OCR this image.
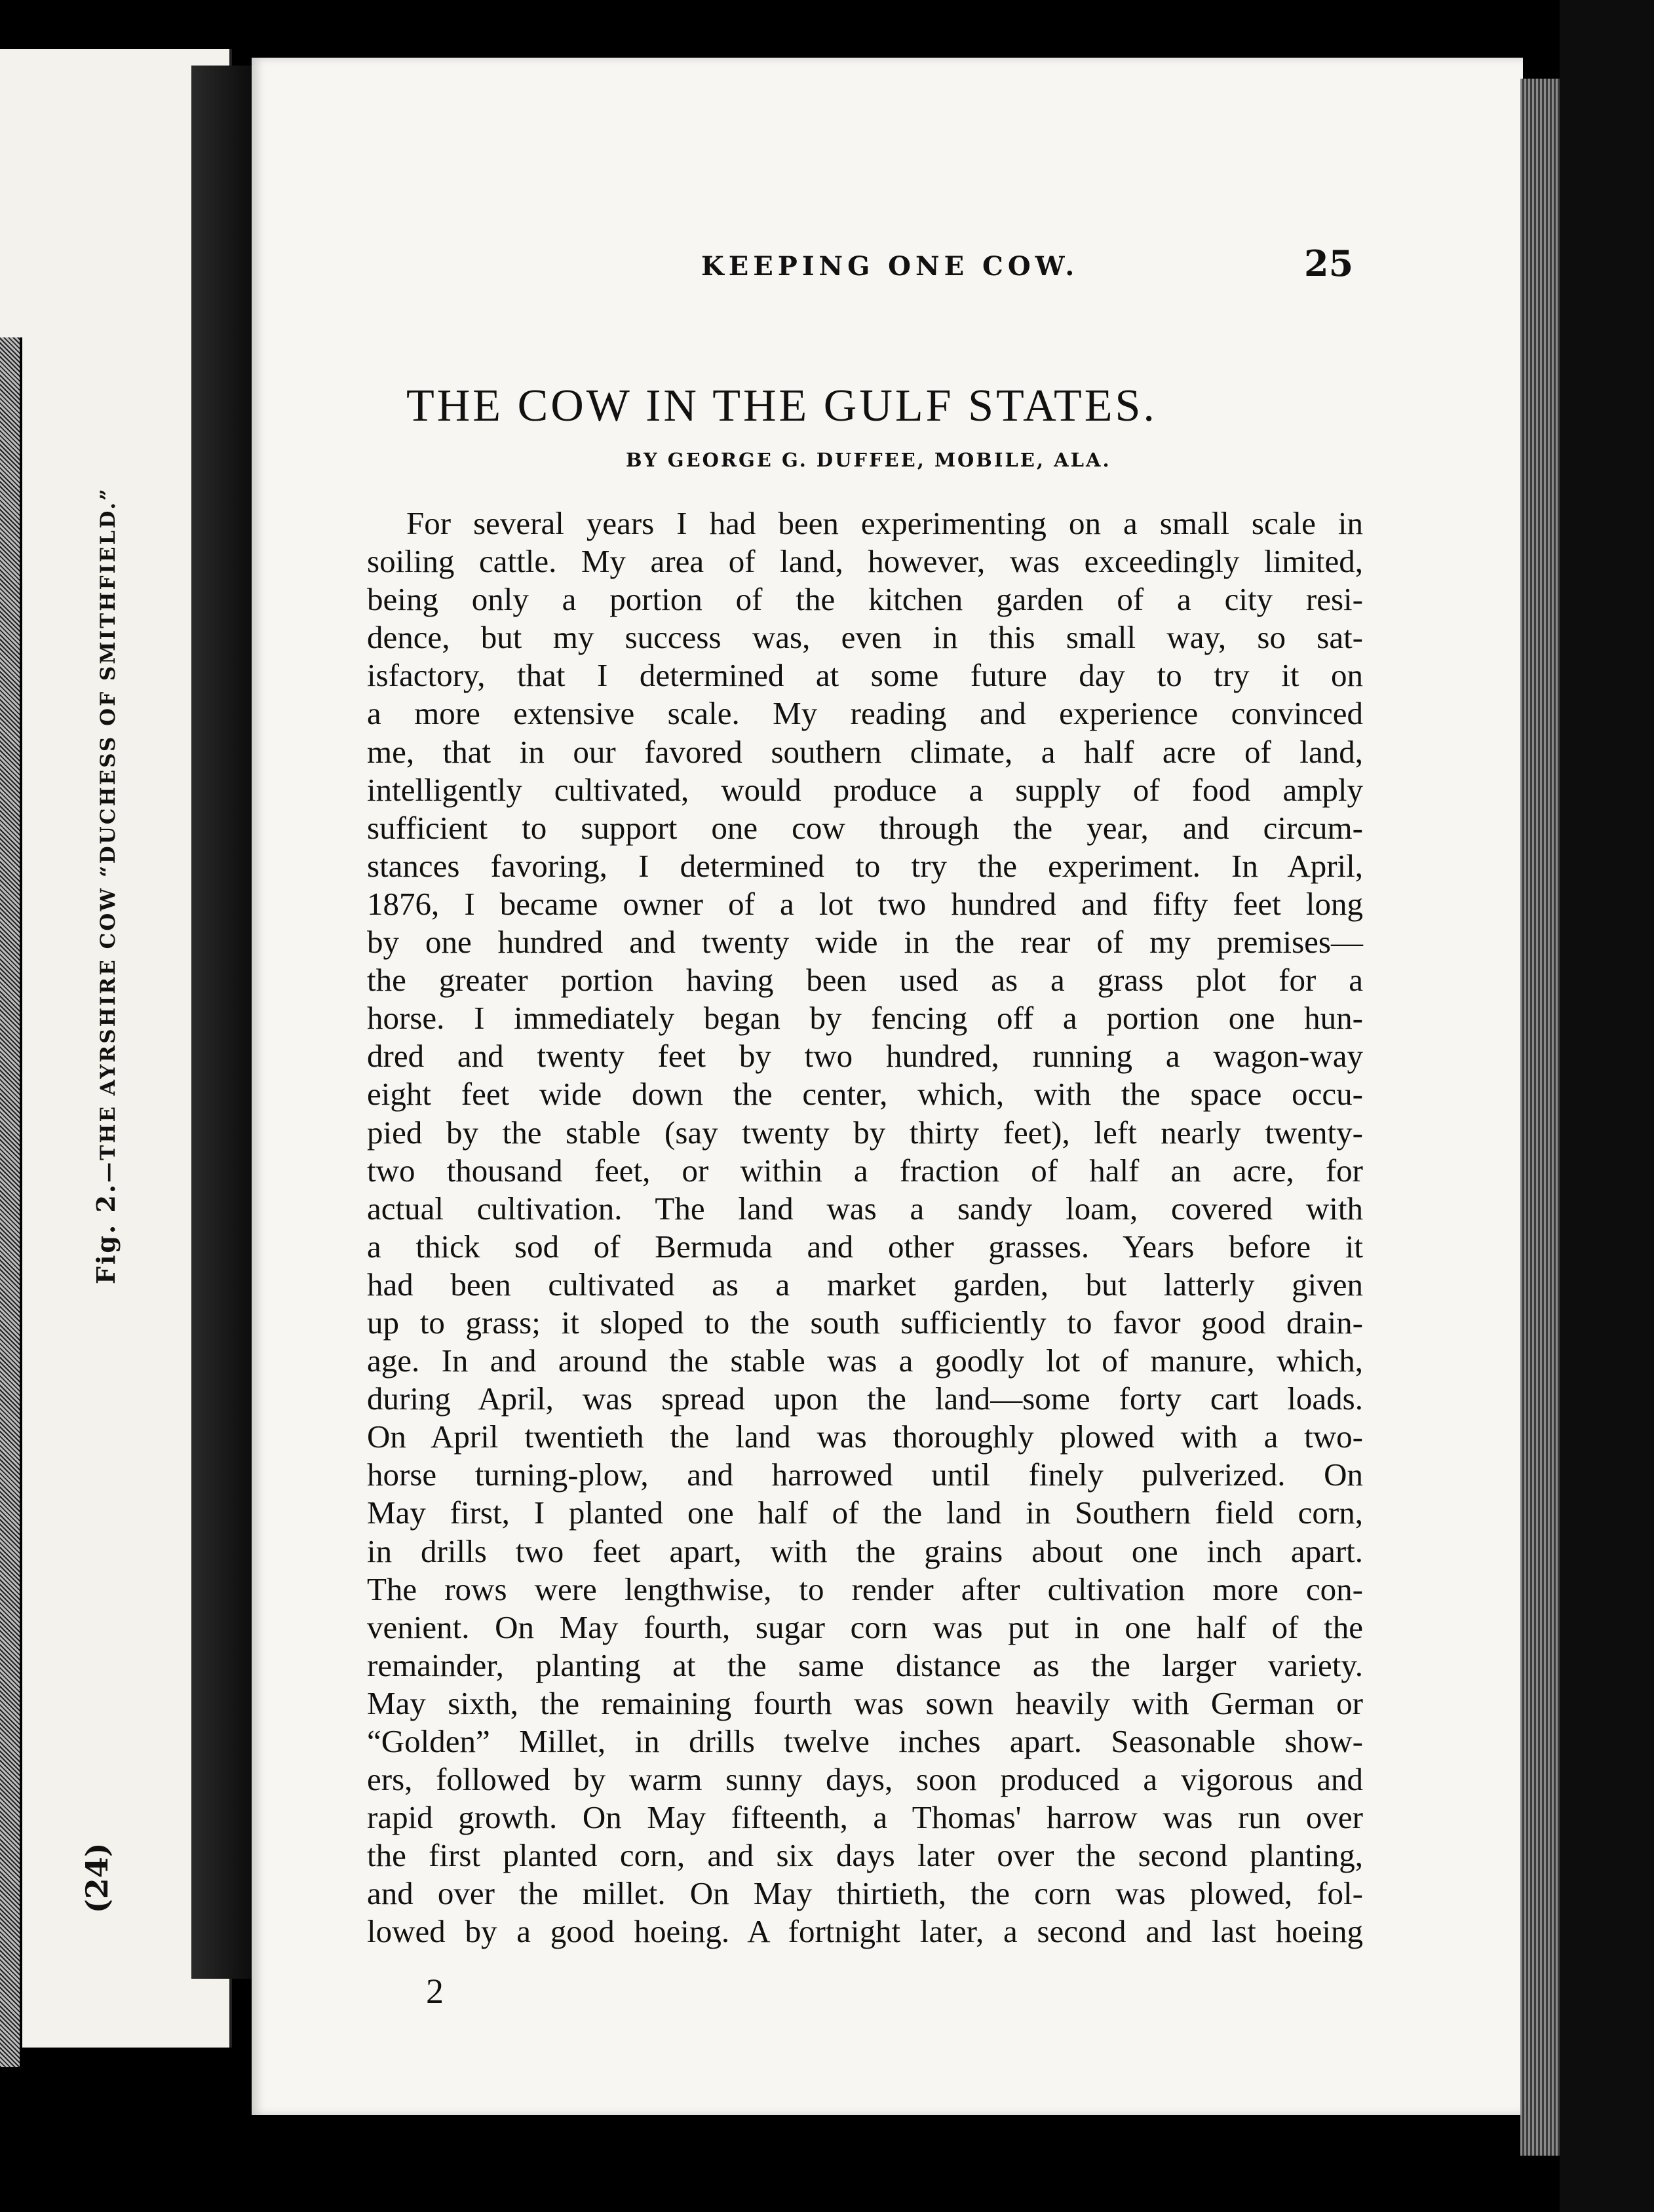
Fig. 2.—THE AYRSHIRE COW “DUCHESS OF SMITHFIELD.”
(24)
KEEPING ONE COW.	25
THE COW IN THE GULF STATES.
BY GEORGE G. DUFFEE, MOBILE, ALA.
For several years I had been experimenting on a small scale in
soiling cattle. My area of land, however, was exceedingly limited,
being only a portion of the kitchen garden of a city resi-
dence, but my success was, even in this small way, so sat-
isfactory, that I determined at some future day to try it on
a more extensive scale. My reading and experience convinced
me, that in our favored southern climate, a half acre of land,
intelligently cultivated, would produce a supply of food amply
sufficient to support one cow through the year, and circum-
stances favoring, I determined to try the experiment. In April,
1876, I became owner of a lot two hundred and fifty feet long
by one hundred and twenty wide in the rear of my premises—
the greater portion having been used as a grass plot for a
horse. I immediately began by fencing off a portion one hun-
dred and twenty feet by two hundred, running a wagon-way
eight feet wide down the center, which, with the space occu-
pied by the stable (say twenty by thirty feet), left nearly twenty-
two thousand feet, or within a fraction of half an acre, for
actual cultivation. The land was a sandy loam, covered with
a thick sod of Bermuda and other grasses. Years before it
had been cultivated as a market garden, but latterly given
up to grass; it sloped to the south sufficiently to favor good drain-
age. In and around the stable was a goodly lot of manure, which,
during April, was spread upon the land—some forty cart loads.
On April twentieth the land was thoroughly plowed with a two-
horse turning-plow, and harrowed until finely pulverized. On
May first, I planted one half of the land in Southern field corn,
in drills two feet apart, with the grains about one inch apart.
The rows were lengthwise, to render after cultivation more con-
venient. On May fourth, sugar corn was put in one half of the
remainder, planting at the same distance as the larger variety.
May sixth, the remaining fourth was sown heavily with German or
“Golden” Millet, in drills twelve inches apart. Seasonable show-
ers, followed by warm sunny days, soon produced a vigorous and
rapid growth. On May fifteenth, a Thomas' harrow was run over
the first planted corn, and six days later over the second planting,
and over the millet. On May thirtieth, the corn was plowed, fol-
lowed by a good hoeing. A fortnight later, a second and last hoeing
2
